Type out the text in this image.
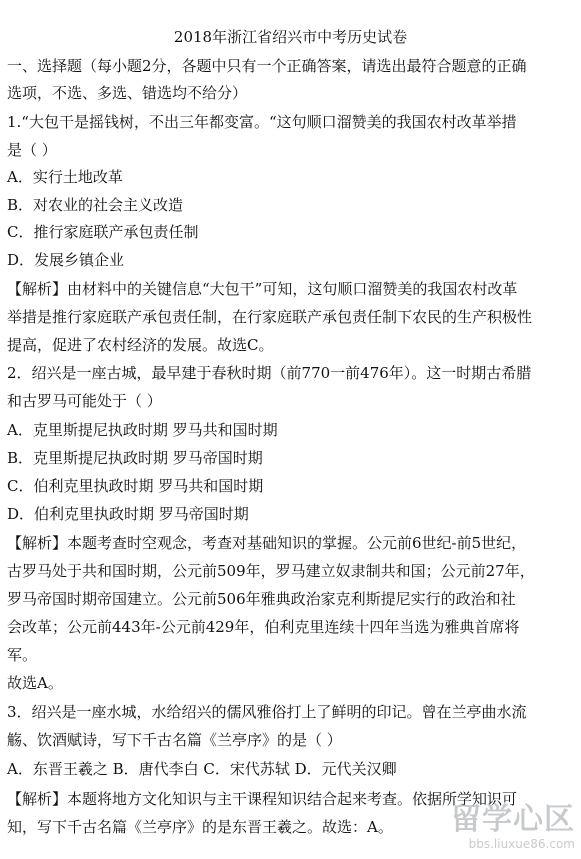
2018年浙江省绍兴市中考历史试卷
一、选择题（每小题2分，各题中只有一个正确答案，请选出最符合题意的正确
选项，不选、多选、错选均不给分）
1.“大包干是摇钱树，不出三年都变富。“这句顺口溜赞美的我国农村改革举措
是（ ）
A．实行土地改革
B．对农业的社会主义改造
C．推行家庭联产承包责任制
D．发展乡镇企业
【解析】由材料中的关键信息“大包干”可知，这句顺口溜赞美的我国农村改革
举措是推行家庭联产承包责任制，在行家庭联产承包责任制下农民的生产积极性
提高，促进了农村经济的发展。故选C。
2．绍兴是一座古城，最早建于春秋时期（前770一前476年）。这一时期古希腊
和古罗马可能处于（ ）
A．克里斯提尼执政时期 罗马共和国时期
B．克里斯提尼执政时期 罗马帝国时期
C．伯利克里执政时期 罗马共和国时期
D．伯利克里执政时期 罗马帝国时期
【解析】本题考查时空观念，考查对基础知识的掌握。公元前6世纪-前5世纪，
古罗马处于共和国时期，公元前509年，罗马建立奴隶制共和国；公元前27年，
罗马帝国时期帝国建立。公元前506年雅典政治家克利斯提尼实行的政治和社
会改革；公元前443年-公元前429年，伯利克里连续十四年当选为雅典首席将
军。
故选A。
3．绍兴是一座水城，水给绍兴的儒风雅俗打上了鲜明的印记。曾在兰亭曲水流
觞、饮酒赋诗，写下千古名篇《兰亭序》的是（ ）
A．东晋王羲之 B．唐代李白 C．宋代苏轼 D．元代关汉卿
【解析】本题将地方文化知识与主干课程知识结合起来考查。依据所学知识可
知，写下千古名篇《兰亭序》的是东晋王羲之。故选：A。	留学心区
bbs.liuxue86.com
